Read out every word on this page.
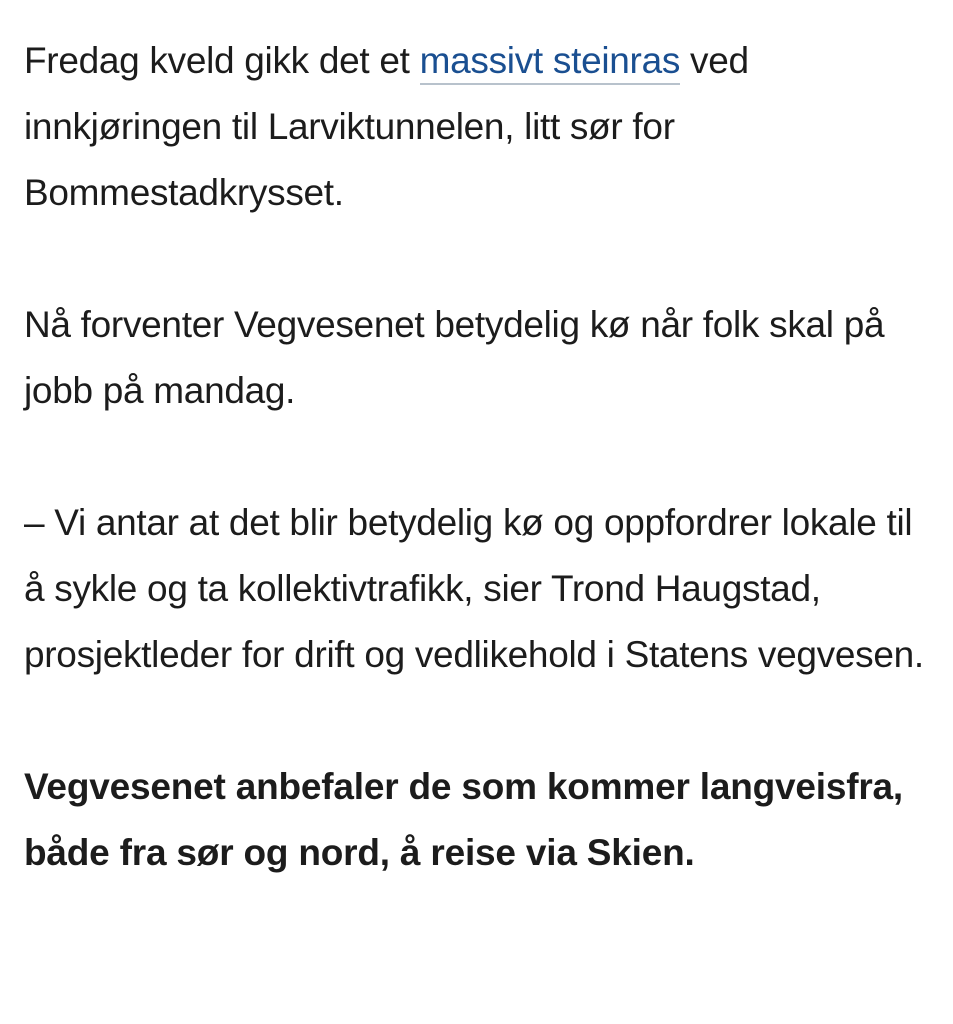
Fredag kveld gikk det et massivt steinras ved innkjøringen til Larviktunnelen, litt sør for Bommestadkrysset.

Nå forventer Vegvesenet betydelig kø når folk skal på jobb på mandag.

– Vi antar at det blir betydelig kø og oppfordrer lokale til å sykle og ta kollektivtrafikk, sier Trond Haugstad, prosjektleder for drift og vedlikehold i Statens vegvesen.

Vegvesenet anbefaler de som kommer langveisfra, både fra sør og nord, å reise via Skien.
